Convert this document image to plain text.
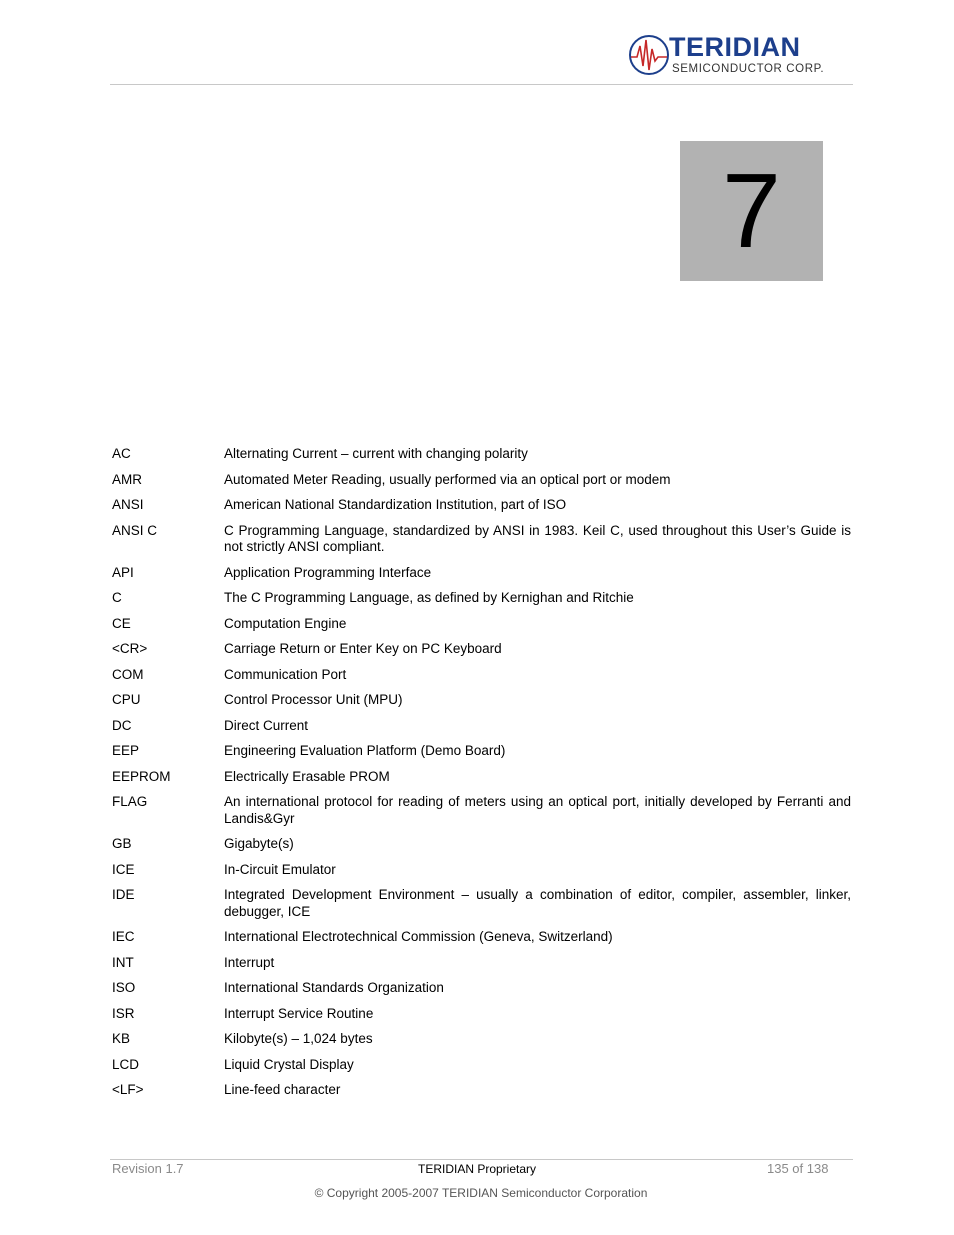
TERIDIAN
SEMICONDUCTOR CORP.
7
AC	Alternating Current – current with changing polarity
AMR	Automated Meter Reading, usually performed via an optical port or modem
ANSI	American National Standardization Institution, part of ISO
ANSI C	C Programming Language, standardized by ANSI in 1983. Keil C, used throughout this User’s Guide is not strictly ANSI compliant.
API	Application Programming Interface
C	The C Programming Language, as defined by Kernighan and Ritchie
CE	Computation Engine
<CR>	Carriage Return or Enter Key on PC Keyboard
COM	Communication Port
CPU	Control Processor Unit (MPU)
DC	Direct Current
EEP	Engineering Evaluation Platform (Demo Board)
EEPROM	Electrically Erasable PROM
FLAG	An international protocol for reading of meters using an optical port, initially developed by Ferranti and Landis&Gyr
GB	Gigabyte(s)
ICE	In-Circuit Emulator
IDE	Integrated Development Environment – usually a combination of editor, compiler, assembler, linker, debugger, ICE
IEC	International Electrotechnical Commission (Geneva, Switzerland)
INT	Interrupt
ISO	International Standards Organization
ISR	Interrupt Service Routine
KB	Kilobyte(s) – 1,024 bytes
LCD	Liquid Crystal Display
<LF>	Line-feed character
Revision 1.7	TERIDIAN Proprietary	135 of 138
© Copyright 2005-2007 TERIDIAN Semiconductor Corporation
